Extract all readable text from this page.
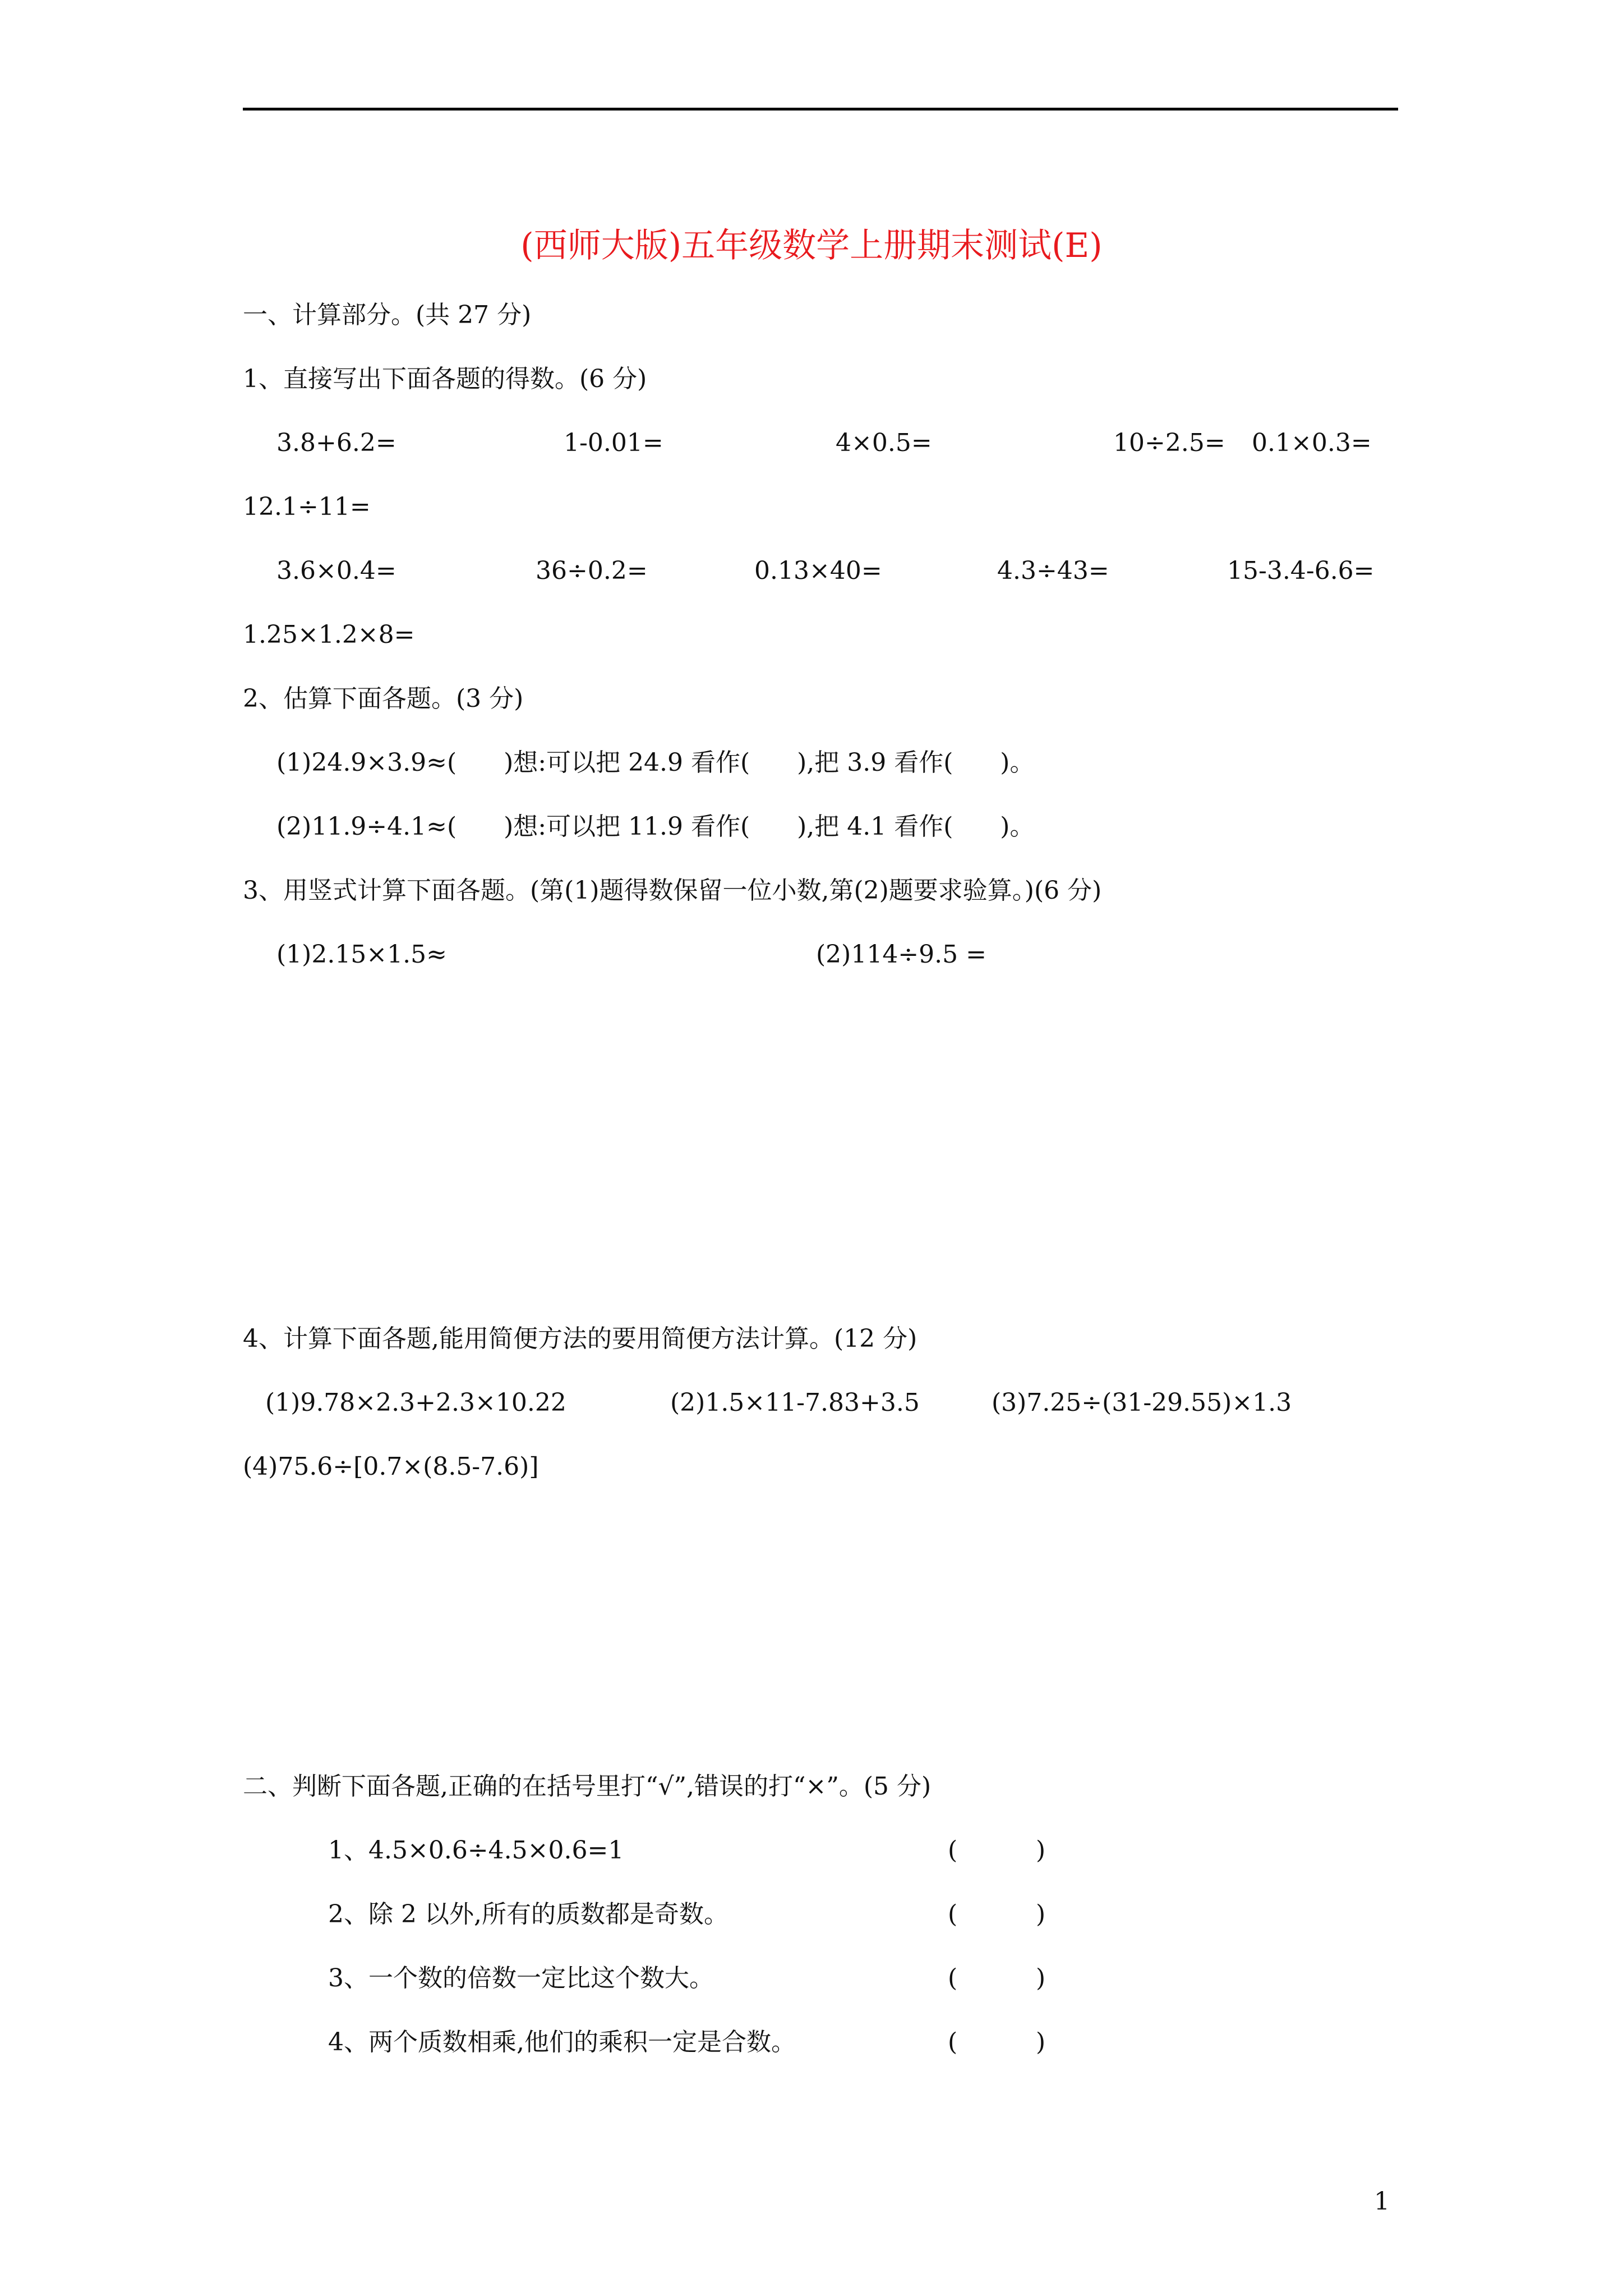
(西师大版)五年级数学上册期末测试(E)
一、计算部分。(共 27 分)
1、直接写出下面各题的得数。(6 分)
3.8+6.2=	1-0.01=	4×0.5=	10÷2.5= 0.1×0.3=
12.1÷11=
3.6×0.4=	36÷0.2=	0.13×40=	4.3÷43=	15-3.4-6.6=
1.25×1.2×8=
2、估算下面各题。(3 分)
(1)24.9×3.9≈(      )想:可以把 24.9 看作(      ),把 3.9 看作(      )。
(2)11.9÷4.1≈(      )想:可以把 11.9 看作(      ),把 4.1 看作(      )。
3、用竖式计算下面各题。(第(1)题得数保留一位小数,第(2)题要求验算。)(6 分)
(1)2.15×1.5≈	(2)114÷9.5 =
4、计算下面各题,能用简便方法的要用简便方法计算。(12 分)
(1)9.78×2.3+2.3×10.22	(2)1.5×11-7.83+3.5	(3)7.25÷(31-29.55)×1.3
(4)75.6÷[0.7×(8.5-7.6)]
二、判断下面各题,正确的在括号里打“√”,错误的打“×”。(5 分)
1、4.5×0.6÷4.5×0.6=1	(          )
2、除 2 以外,所有的质数都是奇数。	(          )
3、一个数的倍数一定比这个数大。	(          )
4、两个质数相乘,他们的乘积一定是合数。	(          )
1
